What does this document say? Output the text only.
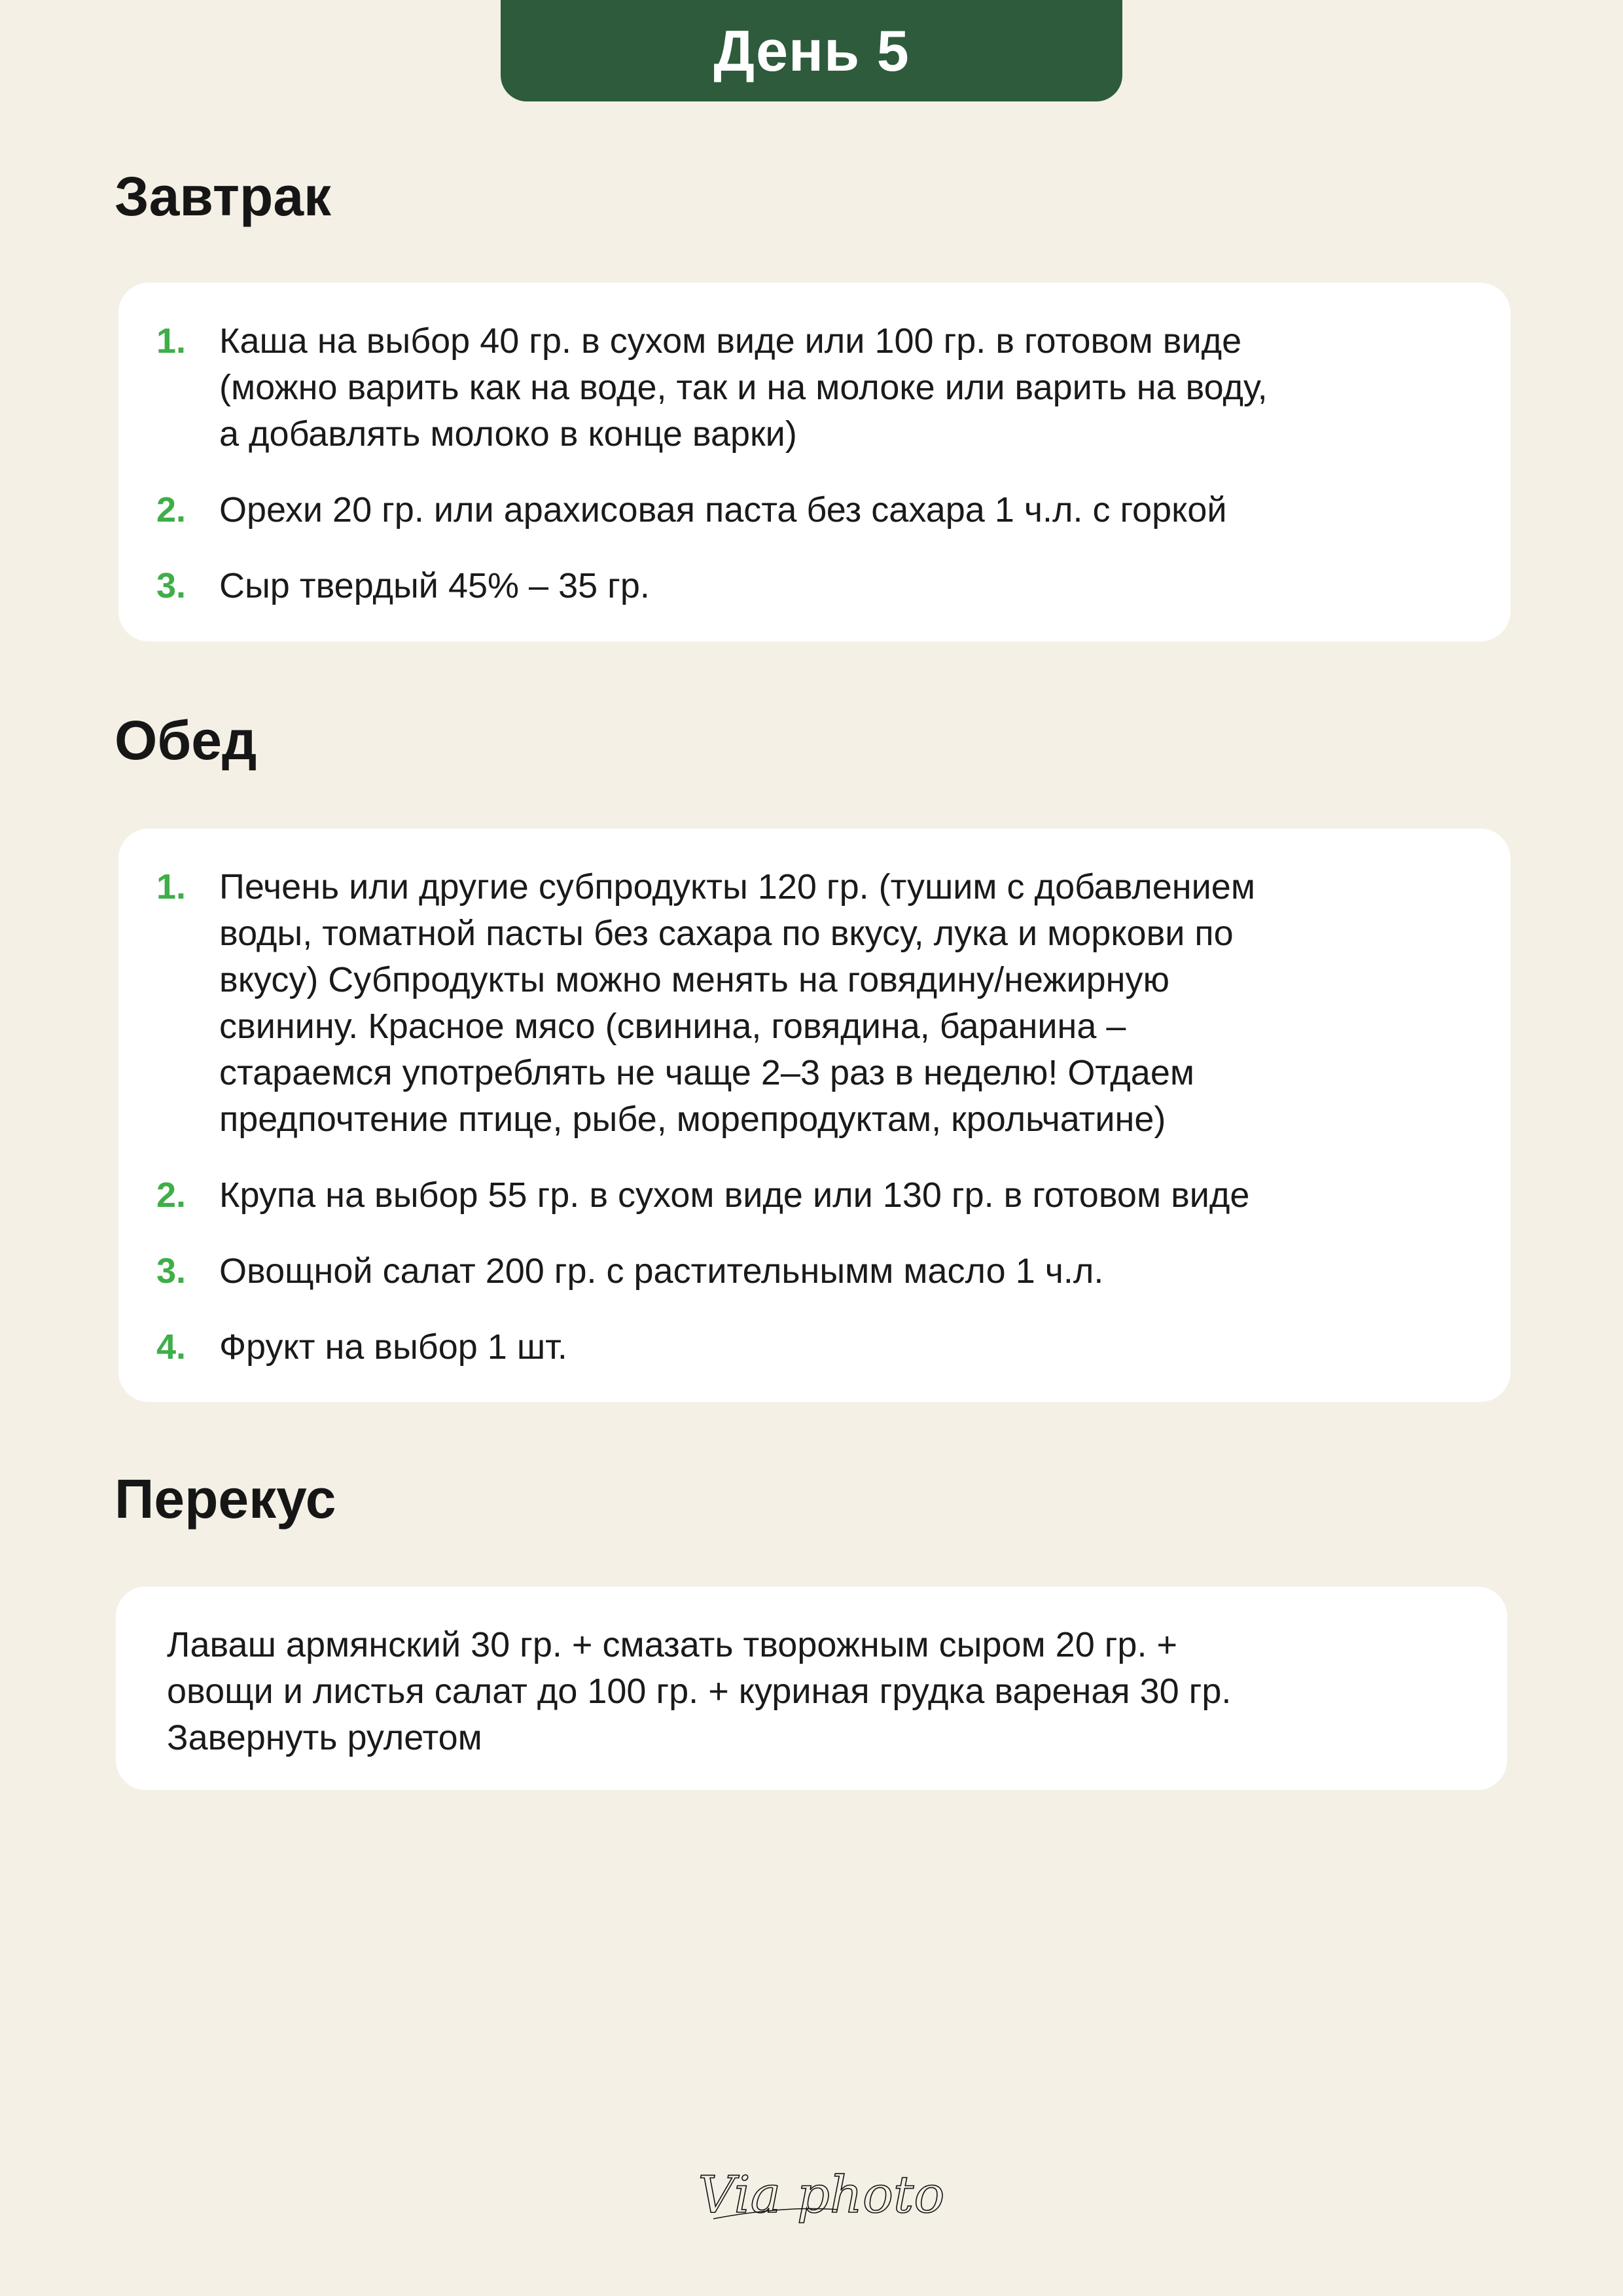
День 5
Завтрак
1. Каша на выбор 40 гр. в сухом виде или 100 гр. в готовом виде
(можно варить как на воде, так и на молоке или варить на воду,
а добавлять молоко в конце варки)
2. Орехи 20 гр. или арахисовая паста без сахара 1 ч.л. с горкой
3. Сыр твердый 45% – 35 гр.
Обед
1. Печень или другие субпродукты 120 гр. (тушим с добавлением
воды, томатной пасты без сахара по вкусу, лука и моркови по
вкусу) Субпродукты можно менять на говядину/нежирную
свинину. Красное мясо (свинина, говядина, баранина –
стараемся употреблять не чаще 2–3 раз в неделю! Отдаем
предпочтение птице, рыбе, морепродуктам, крольчатине)
2. Крупа на выбор 55 гр. в сухом виде или 130 гр. в готовом виде
3. Овощной салат 200 гр. с растительнымм масло 1 ч.л.
4. Фрукт на выбор 1 шт.
Перекус
Лаваш армянский 30 гр. + смазать творожным сыром 20 гр. +
овощи и листья салат до 100 гр. + куриная грудка вареная 30 гр.
Завернуть рулетом
Via photo
